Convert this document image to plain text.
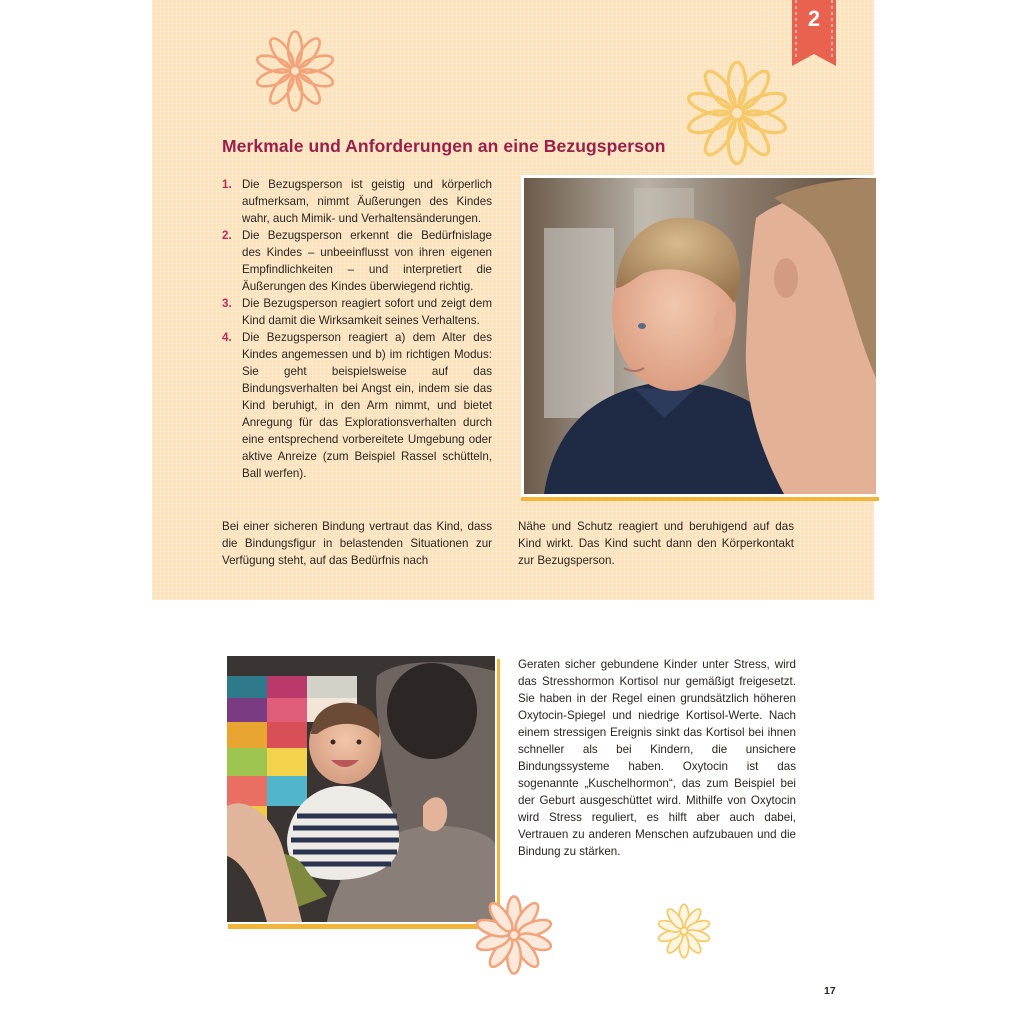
2
Merkmale und Anforderungen an eine Bezugsperson
1. Die Bezugsperson ist geistig und körperlich aufmerksam, nimmt Äußerungen des Kindes wahr, auch Mimik- und Verhaltensänderungen.
2. Die Bezugsperson erkennt die Bedürfnislage des Kindes – unbeeinflusst von ihren eigenen Empfindlichkeiten – und interpretiert die Äußerungen des Kindes überwiegend richtig.
3. Die Bezugsperson reagiert sofort und zeigt dem Kind damit die Wirksamkeit seines Verhaltens.
4. Die Bezugsperson reagiert a) dem Alter des Kindes angemessen und b) im richtigen Modus: Sie geht beispielsweise auf das Bindungsverhalten bei Angst ein, indem sie das Kind beruhigt, in den Arm nimmt, und bietet Anregung für das Explorationsverhalten durch eine entsprechend vorbereitete Umgebung oder aktive Anreize (zum Beispiel Rassel schütteln, Ball werfen).
Bei einer sicheren Bindung vertraut das Kind, dass die Bindungsfigur in belastenden Situationen zur Verfügung steht, auf das Bedürfnis nach
Nähe und Schutz reagiert und beruhigend auf das Kind wirkt. Das Kind sucht dann den Körperkontakt zur Bezugsperson.
Geraten sicher gebundene Kinder unter Stress, wird das Stresshormon Kortisol nur gemäßigt freigesetzt. Sie haben in der Regel einen grundsätzlich höheren Oxytocin-Spiegel und niedrige Kortisol-Werte. Nach einem stressigen Ereignis sinkt das Kortisol bei ihnen schneller als bei Kindern, die unsichere Bindungssysteme haben. Oxytocin ist das sogenannte „Kuschelhormon“, das zum Beispiel bei der Geburt ausgeschüttet wird. Mithilfe von Oxytocin wird Stress reguliert, es hilft aber auch dabei, Vertrauen zu anderen Menschen aufzubauen und die Bindung zu stärken.
17
